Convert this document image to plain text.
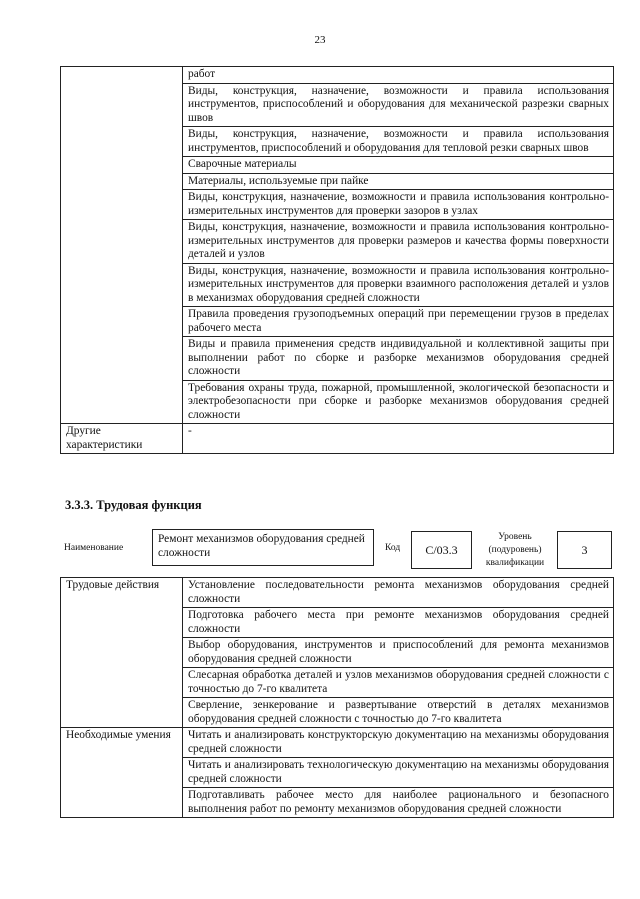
23
	работ
	Виды, конструкция, назначение, возможности и правила использования инструментов, приспособлений и оборудования для механической разрезки сварных швов
	Виды, конструкция, назначение, возможности и правила использования инструментов, приспособлений и оборудования для тепловой резки сварных швов
	Сварочные материалы
	Материалы, используемые при пайке
	Виды, конструкция, назначение, возможности и правила использования контрольно-измерительных инструментов для проверки зазоров в узлах
	Виды, конструкция, назначение, возможности и правила использования контрольно-измерительных инструментов для проверки размеров и качества формы поверхности деталей и узлов
	Виды, конструкция, назначение, возможности и правила использования контрольно-измерительных инструментов для проверки взаимного расположения деталей и узлов в механизмах оборудования средней сложности
	Правила проведения грузоподъемных операций при перемещении грузов в пределах рабочего места
	Виды и правила применения средств индивидуальной и коллективной защиты при выполнении работ по сборке и разборке механизмов оборудования средней сложности
	Требования охраны труда, пожарной, промышленной, экологической безопасности и электробезопасности при сборке и разборке механизмов оборудования средней сложности
Другие характеристики	-
3.3.3. Трудовая функция
Наименование
Ремонт механизмов оборудования средней сложности	Код	С/03.3
Уровень (подуровень) квалификации
3
Трудовые действия	Установление последовательности ремонта механизмов оборудования средней сложности
	Подготовка рабочего места при ремонте механизмов оборудования средней сложности
	Выбор оборудования, инструментов и приспособлений для ремонта механизмов оборудования средней сложности
	Слесарная обработка деталей и узлов механизмов оборудования средней сложности с точностью до 7-го квалитета
	Сверление, зенкерование и развертывание отверстий в деталях механизмов оборудования средней сложности с точностью до 7-го квалитета
Необходимые умения	Читать и анализировать конструкторскую документацию на механизмы оборудования средней сложности
	Читать и анализировать технологическую документацию на механизмы оборудования средней сложности
	Подготавливать рабочее место для наиболее рационального и безопасного выполнения работ по ремонту механизмов оборудования средней сложности
